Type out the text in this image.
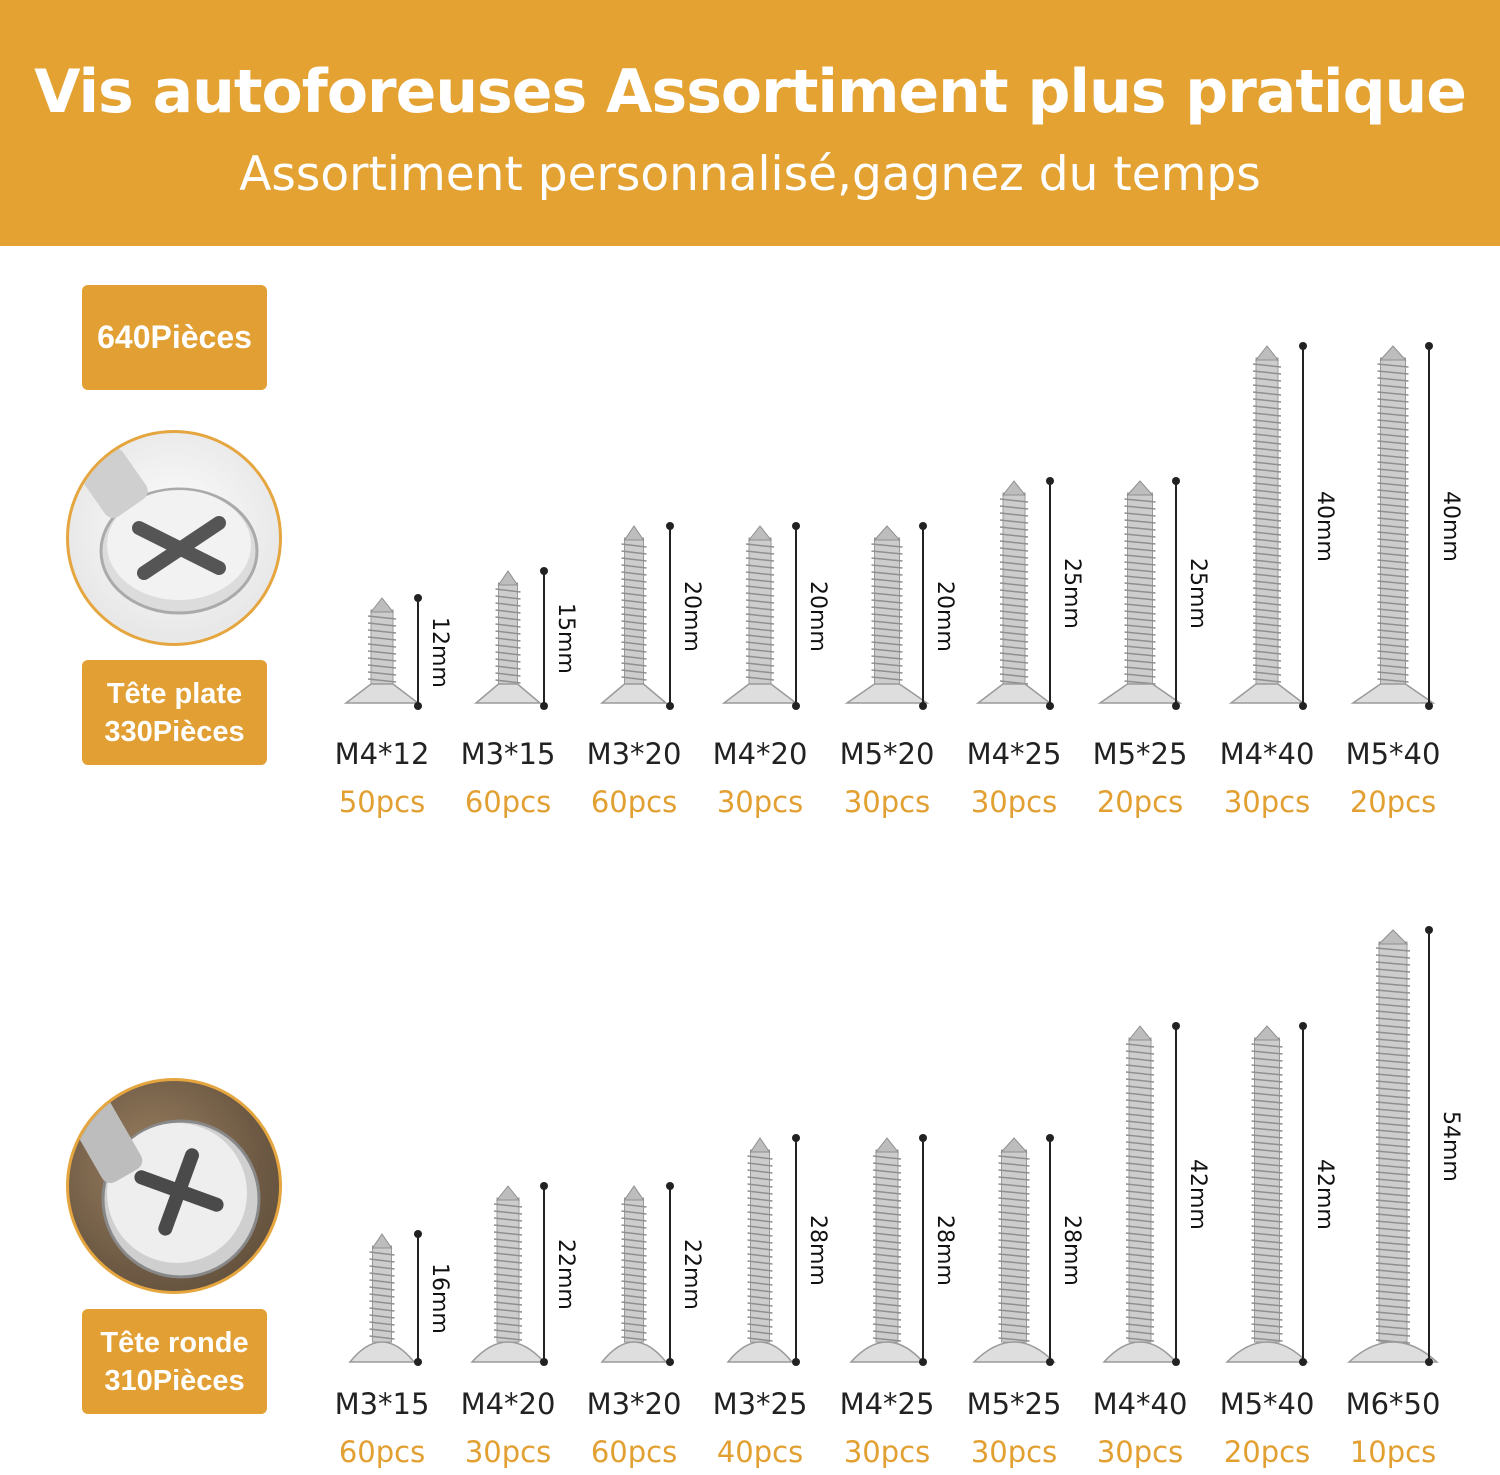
Vis autoforeuses Assortiment plus pratique
Assortiment personnalisé,gagnez du temps
640Pièces
Tête plate
330Pièces
Tête ronde
310Pièces
12mm
M4*12
50pcs
15mm
M3*15
60pcs
20mm
M3*20
60pcs
20mm
M4*20
30pcs
20mm
M5*20
30pcs
25mm
M4*25
30pcs
25mm
M5*25
20pcs
40mm
M4*40
30pcs
40mm
M5*40
20pcs
16mm
M3*15
60pcs
22mm
M4*20
30pcs
22mm
M3*20
60pcs
28mm
M3*25
40pcs
28mm
M4*25
30pcs
28mm
M5*25
30pcs
42mm
M4*40
30pcs
42mm
M5*40
20pcs
54mm
M6*50
10pcs
